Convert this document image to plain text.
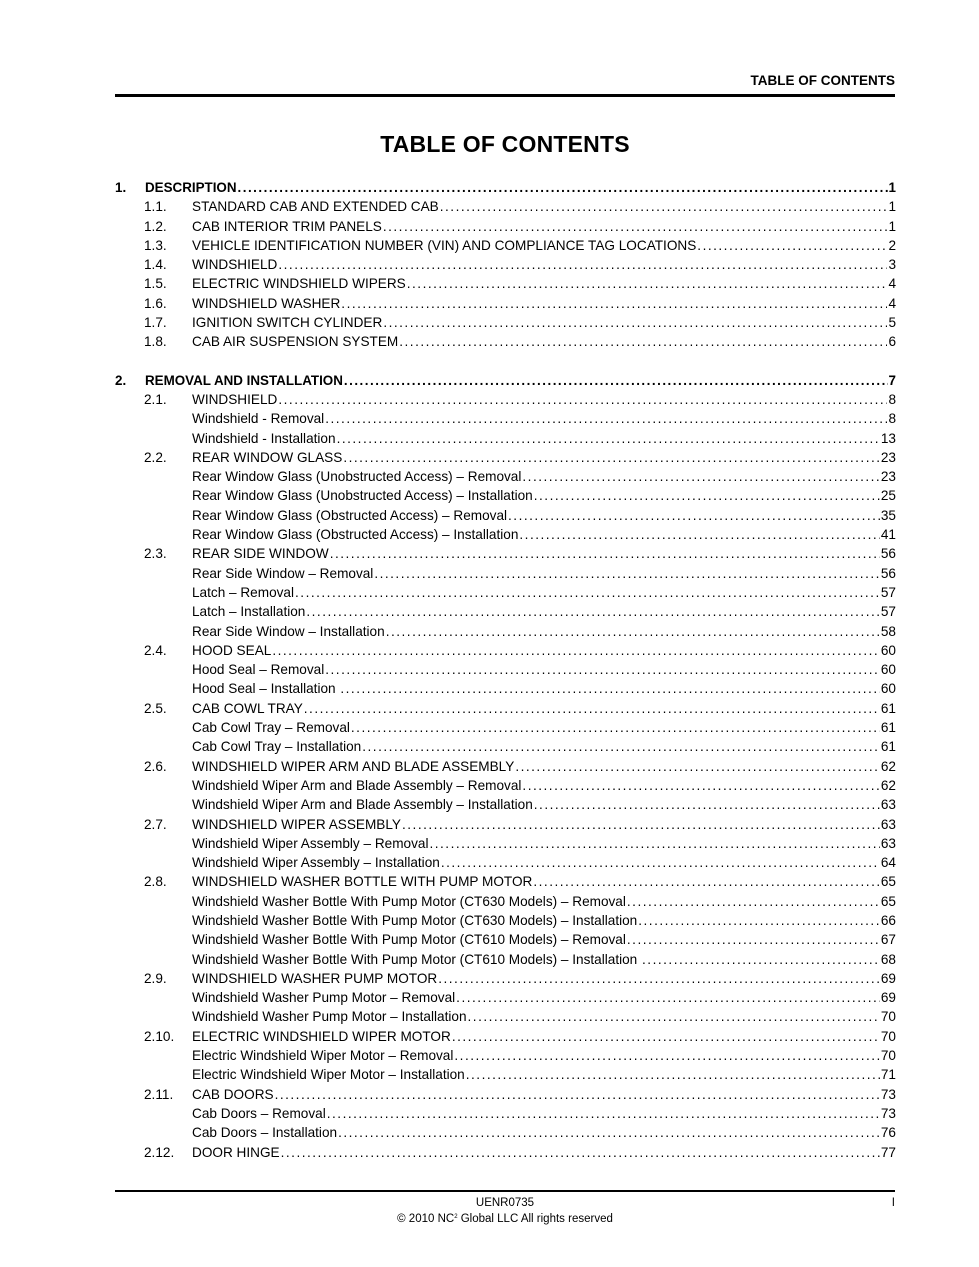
TABLE OF CONTENTS
TABLE OF CONTENTS
1.	DESCRIPTION .....	1
1.1.	STANDARD CAB AND EXTENDED CAB .....	1
1.2.	CAB INTERIOR TRIM PANELS .....	1
1.3.	VEHICLE IDENTIFICATION NUMBER (VIN) AND COMPLIANCE TAG LOCATIONS .....	2
1.4.	WINDSHIELD .....	3
1.5.	ELECTRIC WINDSHIELD WIPERS .....	4
1.6.	WINDSHIELD WASHER .....	4
1.7.	IGNITION SWITCH CYLINDER .....	5
1.8.	CAB AIR SUSPENSION SYSTEM .....	6
2.	REMOVAL AND INSTALLATION .....	7
2.1.	WINDSHIELD .....	8
Windshield - Removal .....	8
Windshield - Installation .....	13
2.2.	REAR WINDOW GLASS .....	23
Rear Window Glass (Unobstructed Access) – Removal .....	23
Rear Window Glass (Unobstructed Access) – Installation .....	25
Rear Window Glass (Obstructed Access) – Removal .....	35
Rear Window Glass (Obstructed Access) – Installation .....	41
2.3.	REAR SIDE WINDOW .....	56
Rear Side Window – Removal .....	56
Latch – Removal .....	57
Latch – Installation .....	57
Rear Side Window – Installation .....	58
2.4.	HOOD SEAL .....	60
Hood Seal – Removal .....	60
Hood Seal – Installation .....	60
2.5.	CAB COWL TRAY .....	61
Cab Cowl Tray – Removal .....	61
Cab Cowl Tray – Installation .....	61
2.6.	WINDSHIELD WIPER ARM AND BLADE ASSEMBLY .....	62
Windshield Wiper Arm and Blade Assembly – Removal .....	62
Windshield Wiper Arm and Blade Assembly – Installation .....	63
2.7.	WINDSHIELD WIPER ASSEMBLY .....	63
Windshield Wiper Assembly – Removal .....	63
Windshield Wiper Assembly – Installation .....	64
2.8.	WINDSHIELD WASHER BOTTLE WITH PUMP MOTOR .....	65
Windshield Washer Bottle With Pump Motor (CT630 Models) – Removal .....	65
Windshield Washer Bottle With Pump Motor (CT630 Models) – Installation .....	66
Windshield Washer Bottle With Pump Motor (CT610 Models) – Removal .....	67
Windshield Washer Bottle With Pump Motor (CT610 Models) – Installation .....	68
2.9.	WINDSHIELD WASHER PUMP MOTOR .....	69
Windshield Washer Pump Motor – Removal .....	69
Windshield Washer Pump Motor – Installation .....	70
2.10.	ELECTRIC WINDSHIELD WIPER MOTOR .....	70
Electric Windshield Wiper Motor – Removal .....	70
Electric Windshield Wiper Motor – Installation .....	71
2.11.	CAB DOORS .....	73
Cab Doors – Removal .....	73
Cab Doors – Installation .....	76
2.12.	DOOR HINGE .....	77
UENR0735	I
© 2010 $NC^2$ Global LLC All rights reserved
